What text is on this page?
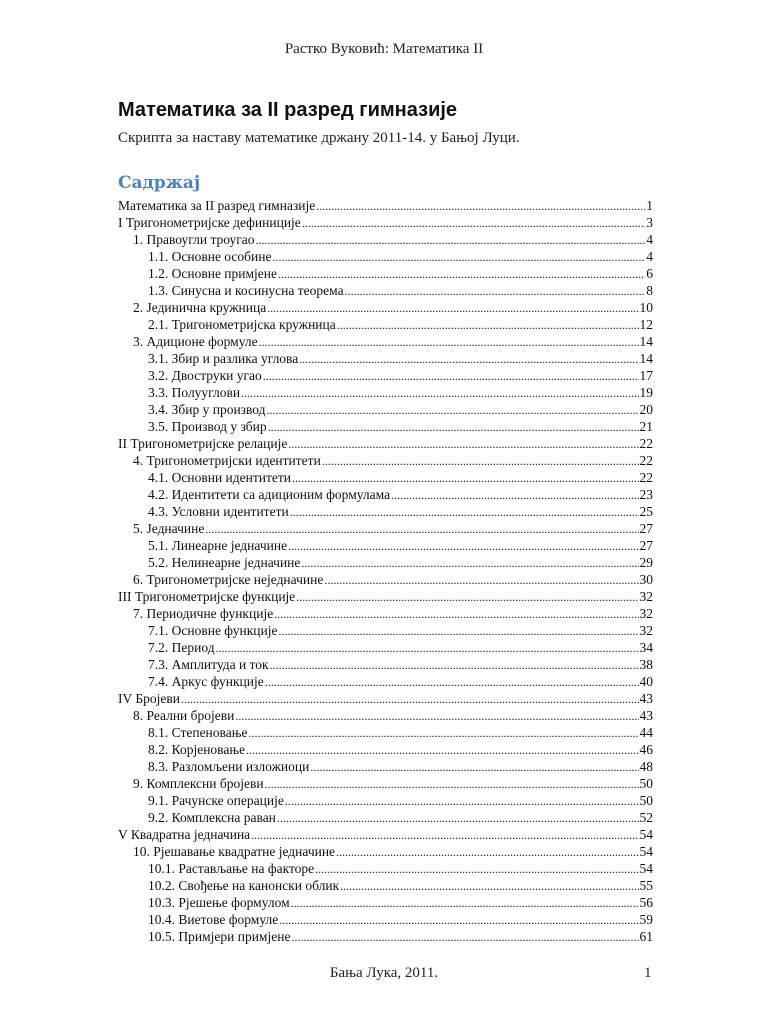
Растко Вуковић: Математика II
Математика за II разред гимназије
Скрипта за наставу математике држану 2011-14. у Бањој Луци.
Садржај
Математика за II разред гимназије .....	1
I Тригонометријске дефиниције .....	3
1. Правоугли троугао .....	4
1.1. Основне особине .....	4
1.2. Основне примјене .....	6
1.3. Синусна и косинусна теорема .....	8
2. Јединична кружница .....	10
2.1. Тригонометријска кружница .....	12
3. Адиционе формуле .....	14
3.1. Збир и разлика углова .....	14
3.2. Двоструки угао .....	17
3.3. Полууглови .....	19
3.4. Збир у производ .....	20
3.5. Производ у збир .....	21
II Тригонометријске релације .....	22
4. Тригонометријски идентитети .....	22
4.1. Основни идентитети .....	22
4.2. Идентитети са адиционим формулама .....	23
4.3. Условни идентитети .....	25
5. Једначине .....	27
5.1. Линеарне једначине .....	27
5.2. Нелинеарне једначине .....	29
6. Тригонометријске неједначине .....	30
III Тригонометријске функције .....	32
7. Периодичне функције .....	32
7.1. Основне функције .....	32
7.2. Период .....	34
7.3. Амплитуда и ток .....	38
7.4. Аркус функције .....	40
IV Бројеви .....	43
8. Реални бројеви .....	43
8.1. Степеновање .....	44
8.2. Корјеновање .....	46
8.3. Разломљени изложиоци .....	48
9. Комплексни бројеви .....	50
9.1. Рачунске операције .....	50
9.2. Комплексна раван .....	52
V Квадратна једначина .....	54
10. Рјешавање квадратне једначине .....	54
10.1. Растављање на факторе .....	54
10.2. Свођење на канонски облик .....	55
10.3. Рјешење формулом .....	56
10.4. Виетове формуле .....	59
10.5. Примјери примјене .....	61
Бања Лука, 2011.	1
